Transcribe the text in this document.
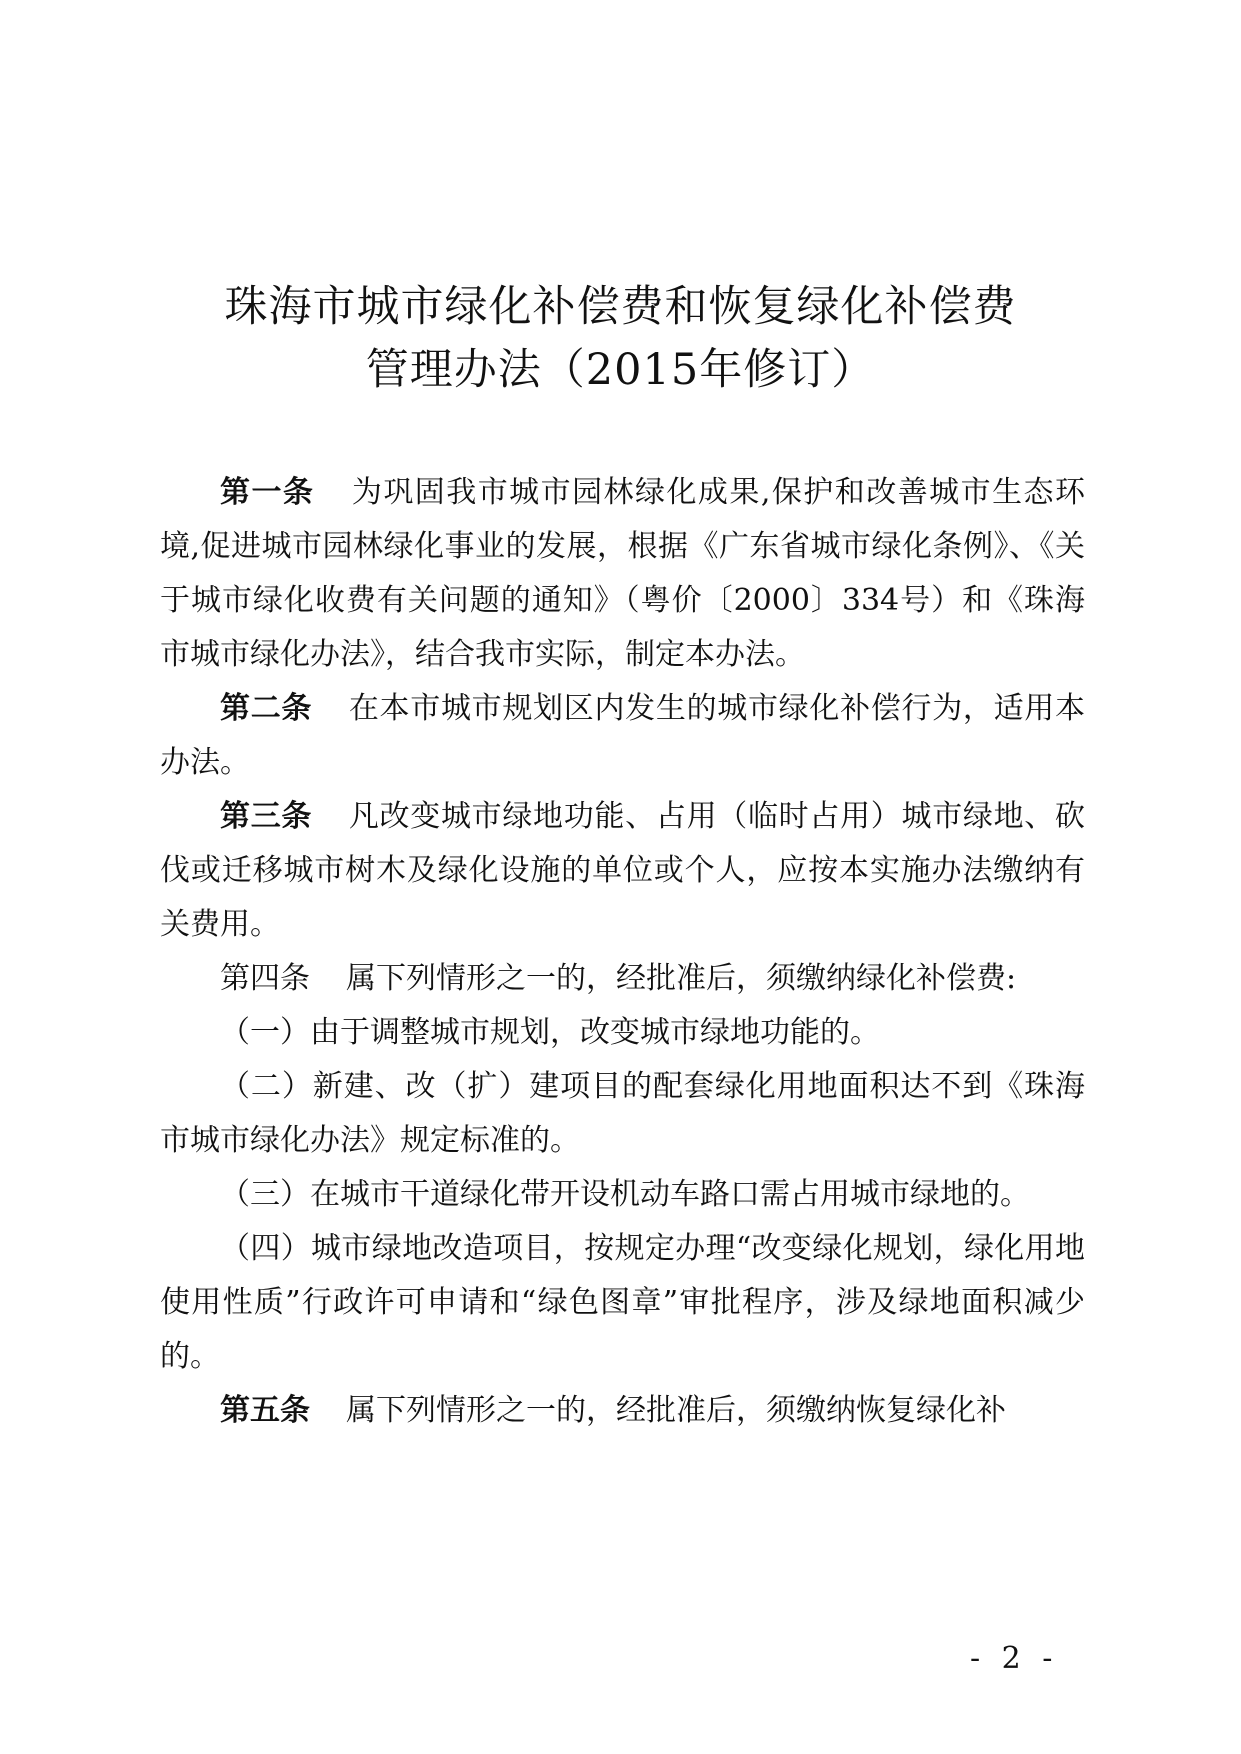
珠海市城市绿化补偿费和恢复绿化补偿费
管理办法（2015年修订）

第一条 为巩固我市城市园林绿化成果,保护和改善城市生态环境,促进城市园林绿化事业的发展，根据《广东省城市绿化条例》、《关于城市绿化收费有关问题的通知》（粤价〔2000〕334号）和《珠海市城市绿化办法》，结合我市实际，制定本办法。

第二条 在本市城市规划区内发生的城市绿化补偿行为，适用本办法。

第三条 凡改变城市绿地功能、占用（临时占用）城市绿地、砍伐或迁移城市树木及绿化设施的单位或个人，应按本实施办法缴纳有关费用。

第四条 属下列情形之一的，经批准后，须缴纳绿化补偿费:

（一）由于调整城市规划，改变城市绿地功能的。

（二）新建、改（扩）建项目的配套绿化用地面积达不到《珠海市城市绿化办法》规定标准的。

（三）在城市干道绿化带开设机动车路口需占用城市绿地的。

（四）城市绿地改造项目，按规定办理“改变绿化规划，绿化用地使用性质”行政许可申请和“绿色图章”审批程序，涉及绿地面积减少的。

第五条 属下列情形之一的，经批准后，须缴纳恢复绿化补

- 2 -
